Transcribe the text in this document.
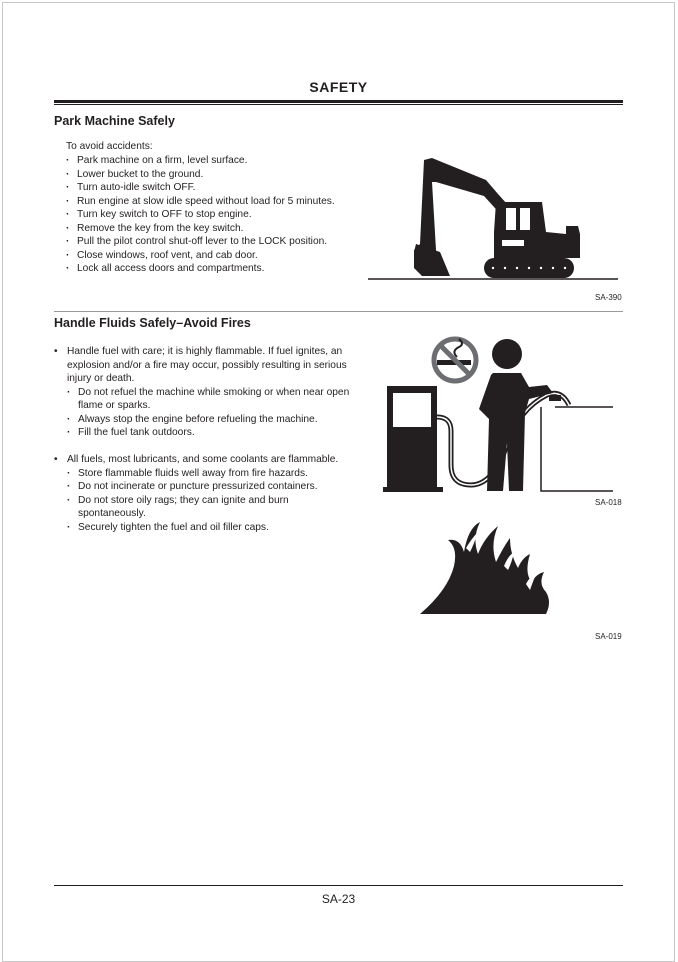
SAFETY
Park Machine Safely
To avoid accidents:
· Park machine on a firm, level surface.
· Lower bucket to the ground.
· Turn auto-idle switch OFF.
· Run engine at slow idle speed without load for 5 minutes.
· Turn key switch to OFF to stop engine.
· Remove the key from the key switch.
· Pull the pilot control shut-off lever to the LOCK position.
· Close windows, roof vent, and cab door.
· Lock all access doors and compartments.
SA-390
Handle Fluids Safely–Avoid Fires
• Handle fuel with care; it is highly flammable. If fuel ignites, an explosion and/or a fire may occur, possibly resulting in serious injury or death.
· Do not refuel the machine while smoking or when near open flame or sparks.
· Always stop the engine before refueling the machine.
· Fill the fuel tank outdoors.
• All fuels, most lubricants, and some coolants are flammable.
· Store flammable fluids well away from fire hazards.
· Do not incinerate or puncture pressurized containers.
· Do not store oily rags; they can ignite and burn spontaneously.
· Securely tighten the fuel and oil filler caps.
SA-018
SA-019
SA-23
